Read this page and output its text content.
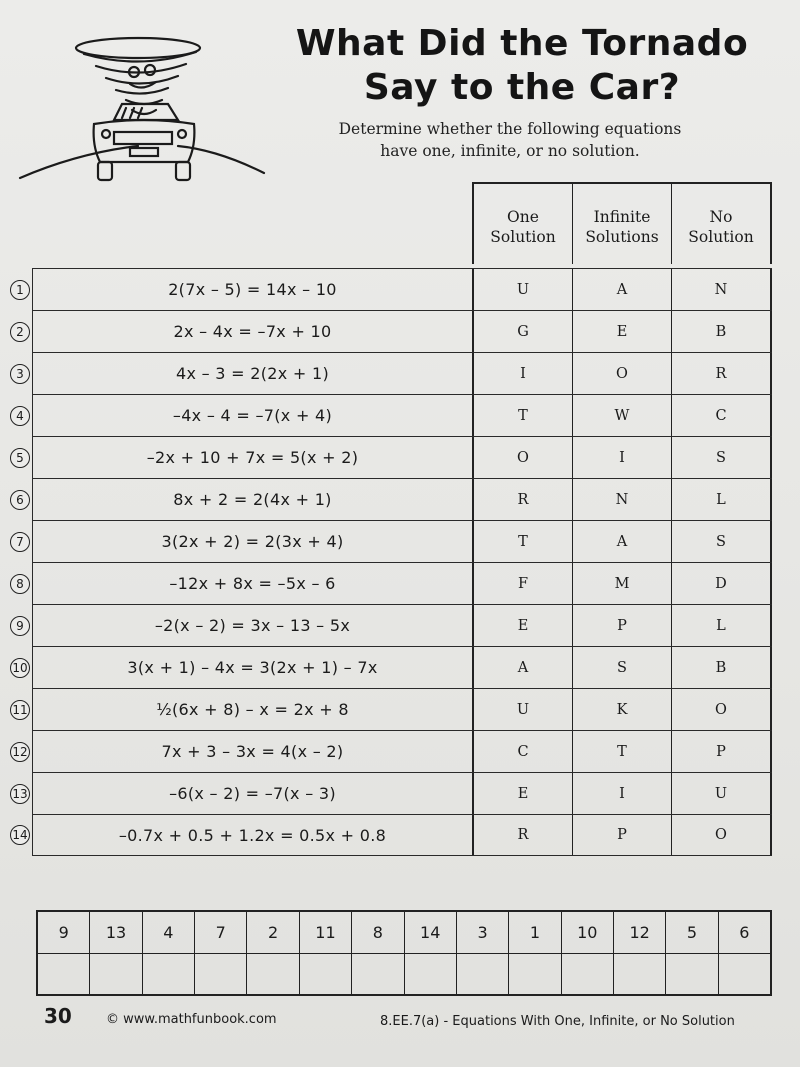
What Did the Tornado
Say to the Car?
Determine whether the following equations
have one, infinite, or no solution.
One
Solution
Infinite
Solutions
No
Solution
1	2(7x – 5) = 14x – 10	U	A	N
2	2x – 4x = –7x + 10	G	E	B
3	4x – 3 = 2(2x + 1)	I	O	R
4	–4x – 4 = –7(x + 4)	T	W	C
5	–2x + 10 + 7x = 5(x + 2)	O	I	S
6	8x + 2 = 2(4x + 1)	R	N	L
7	3(2x + 2) = 2(3x + 4)	T	A	S
8	–12x + 8x = –5x – 6	F	M	D
9	–2(x – 2) = 3x – 13 – 5x	E	P	L
10	3(x + 1) – 4x = 3(2x + 1) – 7x	A	S	B
11	½(6x + 8) – x = 2x + 8	U	K	O
12	7x + 3 – 3x = 4(x – 2)	C	T	P
13	–6(x – 2) = –7(x – 3)	E	I	U
14	–0.7x + 0.5 + 1.2x = 0.5x + 0.8	R	P	O
9	13	4	7	2	11	8	14	3	1	10	12	5	6
30	© www.mathfunbook.com	8.EE.7(a) - Equations With One, Infinite, or No Solution
